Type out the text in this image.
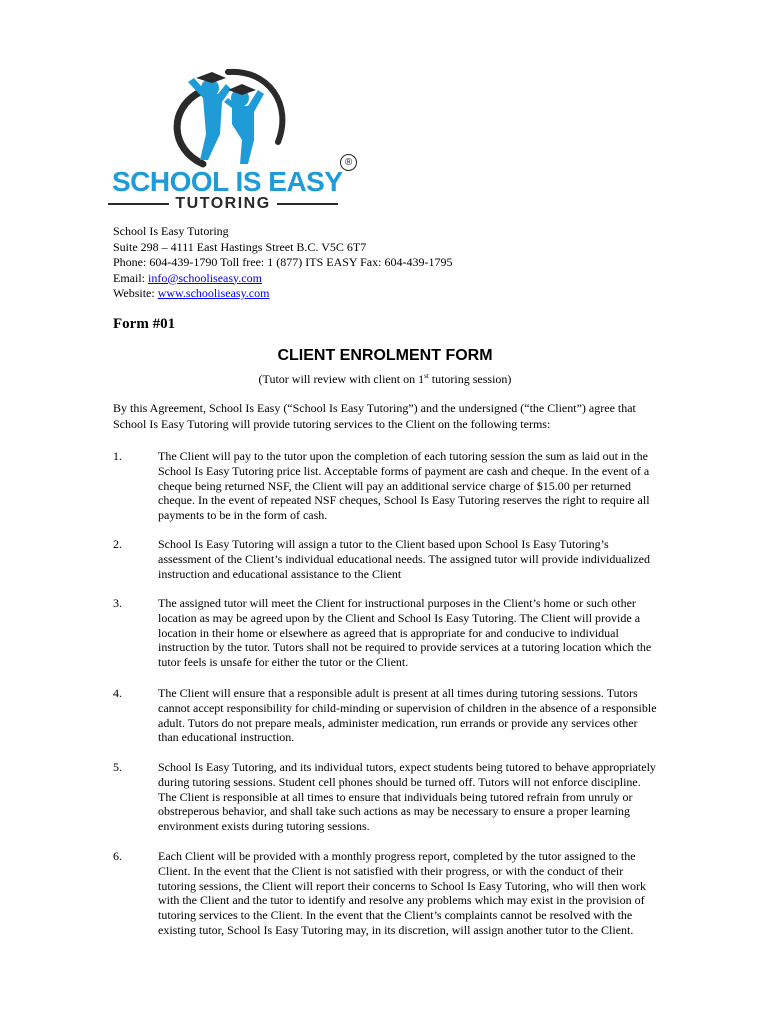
SCHOOL IS EASY
®
TUTORING
School Is Easy Tutoring
Suite 298 – 4111 East Hastings Street B.C. V5C 6T7
Phone: 604-439-1790 Toll free: 1 (877) ITS EASY Fax: 604-439-1795
Email: info@schooliseasy.com
Website: www.schooliseasy.com
Form #01
CLIENT ENROLMENT FORM
(Tutor will review with client on 1st tutoring session)
By this Agreement, School Is Easy (“School Is Easy Tutoring”) and the undersigned (“the Client”) agree that School Is Easy Tutoring will provide tutoring services to the Client on the following terms:
1.	The Client will pay to the tutor upon the completion of each tutoring session the sum as laid out in the School Is Easy Tutoring price list. Acceptable forms of payment are cash and cheque. In the event of a cheque being returned NSF, the Client will pay an additional service charge of $15.00 per returned cheque. In the event of repeated NSF cheques, School Is Easy Tutoring reserves the right to require all payments to be in the form of cash.
2.	School Is Easy Tutoring will assign a tutor to the Client based upon School Is Easy Tutoring’s assessment of the Client’s individual educational needs. The assigned tutor will provide individualized instruction and educational assistance to the Client
3.	The assigned tutor will meet the Client for instructional purposes in the Client’s home or such other location as may be agreed upon by the Client and School Is Easy Tutoring. The Client will provide a location in their home or elsewhere as agreed that is appropriate for and conducive to individual instruction by the tutor. Tutors shall not be required to provide services at a tutoring location which the tutor feels is unsafe for either the tutor or the Client.
4.	The Client will ensure that a responsible adult is present at all times during tutoring sessions. Tutors cannot accept responsibility for child-minding or supervision of children in the absence of a responsible adult. Tutors do not prepare meals, administer medication, run errands or provide any services other than educational instruction.
5.	School Is Easy Tutoring, and its individual tutors, expect students being tutored to behave appropriately during tutoring sessions. Student cell phones should be turned off. Tutors will not enforce discipline. The Client is responsible at all times to ensure that individuals being tutored refrain from unruly or obstreperous behavior, and shall take such actions as may be necessary to ensure a proper learning environment exists during tutoring sessions.
6.	Each Client will be provided with a monthly progress report, completed by the tutor assigned to the Client. In the event that the Client is not satisfied with their progress, or with the conduct of their tutoring sessions, the Client will report their concerns to School Is Easy Tutoring, who will then work with the Client and the tutor to identify and resolve any problems which may exist in the provision of tutoring services to the Client. In the event that the Client’s complaints cannot be resolved with the existing tutor, School Is Easy Tutoring may, in its discretion, will assign another tutor to the Client.
